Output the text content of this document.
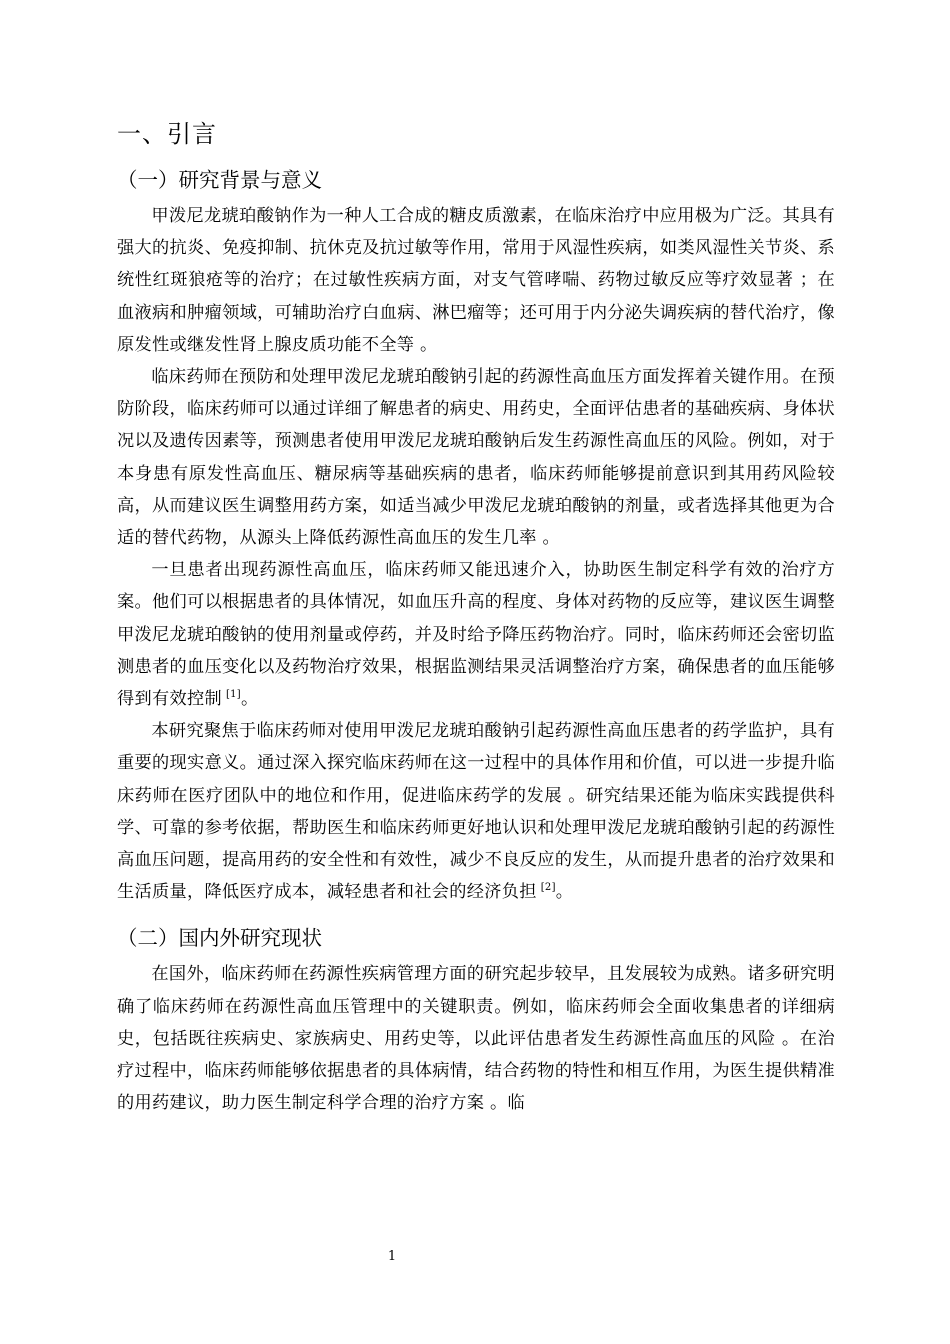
一、引言
（一）研究背景与意义

甲泼尼龙琥珀酸钠作为一种人工合成的糖皮质激素，在临床治疗中应用极为广泛。其具有强大的抗炎、免疫抑制、抗休克及抗过敏等作用，常用于风湿性疾病，如类风湿性关节炎、系统性红斑狼疮等的治疗；在过敏性疾病方面，对支气管哮喘、药物过敏反应等疗效显著 ；在血液病和肿瘤领域，可辅助治疗白血病、淋巴瘤等；还可用于内分泌失调疾病的替代治疗，像原发性或继发性肾上腺皮质功能不全等 。

临床药师在预防和处理甲泼尼龙琥珀酸钠引起的药源性高血压方面发挥着关键作用。在预防阶段，临床药师可以通过详细了解患者的病史、用药史，全面评估患者的基础疾病、身体状况以及遗传因素等，预测患者使用甲泼尼龙琥珀酸钠后发生药源性高血压的风险。例如，对于本身患有原发性高血压、糖尿病等基础疾病的患者，临床药师能够提前意识到其用药风险较高，从而建议医生调整用药方案，如适当减少甲泼尼龙琥珀酸钠的剂量，或者选择其他更为合适的替代药物，从源头上降低药源性高血压的发生几率 。

一旦患者出现药源性高血压，临床药师又能迅速介入，协助医生制定科学有效的治疗方案。他们可以根据患者的具体情况，如血压升高的程度、身体对药物的反应等，建议医生调整甲泼尼龙琥珀酸钠的使用剂量或停药，并及时给予降压药物治疗。同时，临床药师还会密切监测患者的血压变化以及药物治疗效果，根据监测结果灵活调整治疗方案，确保患者的血压能够得到有效控制 [1]。

本研究聚焦于临床药师对使用甲泼尼龙琥珀酸钠引起药源性高血压患者的药学监护，具有重要的现实意义。通过深入探究临床药师在这一过程中的具体作用和价值，可以进一步提升临床药师在医疗团队中的地位和作用，促进临床药学的发展 。研究结果还能为临床实践提供科学、可靠的参考依据，帮助医生和临床药师更好地认识和处理甲泼尼龙琥珀酸钠引起的药源性高血压问题，提高用药的安全性和有效性，减少不良反应的发生，从而提升患者的治疗效果和生活质量，降低医疗成本，减轻患者和社会的经济负担 [2]。

（二）国内外研究现状

在国外，临床药师在药源性疾病管理方面的研究起步较早，且发展较为成熟。诸多研究明确了临床药师在药源性高血压管理中的关键职责。例如，临床药师会全面收集患者的详细病史，包括既往疾病史、家族病史、用药史等，以此评估患者发生药源性高血压的风险 。在治疗过程中，临床药师能够依据患者的具体病情，结合药物的特性和相互作用，为医生提供精准的用药建议，助力医生制定科学合理的治疗方案 。临

1
